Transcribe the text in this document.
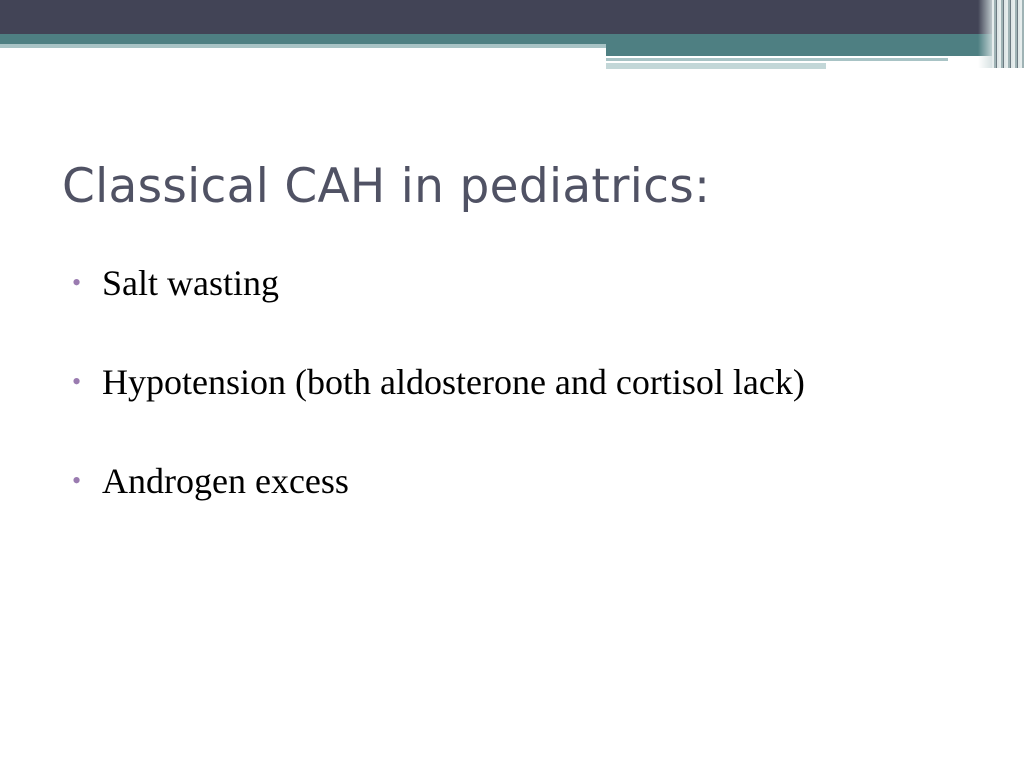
Classical CAH in pediatrics:
• Salt wasting
• Hypotension (both aldosterone and cortisol lack)
• Androgen excess
